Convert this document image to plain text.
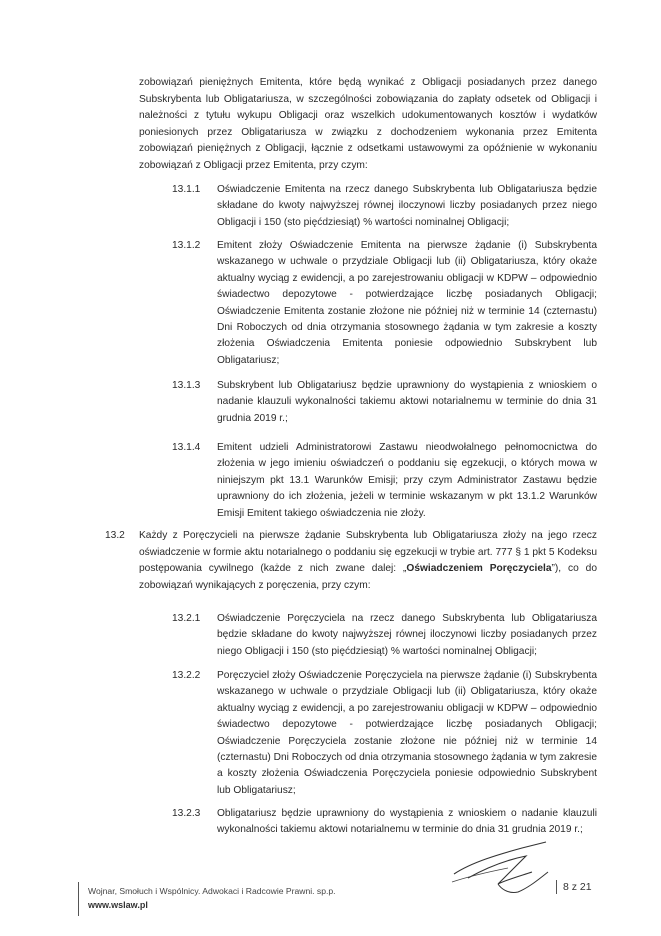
zobowiązań pieniężnych Emitenta, które będą wynikać z Obligacji posiadanych przez danego Subskrybenta lub Obligatariusza, w szczególności zobowiązania do zapłaty odsetek od Obligacji i należności z tytułu wykupu Obligacji oraz wszelkich udokumentowanych kosztów i wydatków poniesionych przez Obligatariusza w związku z dochodzeniem wykonania przez Emitenta zobowiązań pieniężnych z Obligacji, łącznie z odsetkami ustawowymi za opóźnienie w wykonaniu zobowiązań z Obligacji przez Emitenta, przy czym:
13.1.1	Oświadczenie Emitenta na rzecz danego Subskrybenta lub Obligatariusza będzie składane do kwoty najwyższej równej iloczynowi liczby posiadanych przez niego Obligacji i 150 (sto pięćdziesiąt) % wartości nominalnej Obligacji;
13.1.2	Emitent złoży Oświadczenie Emitenta na pierwsze żądanie (i) Subskrybenta wskazanego w uchwale o przydziale Obligacji lub (ii) Obligatariusza, który okaże aktualny wyciąg z ewidencji, a po zarejestrowaniu obligacji w KDPW – odpowiednio świadectwo depozytowe - potwierdzające liczbę posiadanych Obligacji; Oświadczenie Emitenta zostanie złożone nie później niż w terminie 14 (czternastu) Dni Roboczych od dnia otrzymania stosownego żądania w tym zakresie a koszty złożenia Oświadczenia Emitenta poniesie odpowiednio Subskrybent lub Obligatariusz;
13.1.3	Subskrybent lub Obligatariusz będzie uprawniony do wystąpienia z wnioskiem o nadanie klauzuli wykonalności takiemu aktowi notarialnemu w terminie do dnia 31 grudnia 2019 r.;
13.1.4	Emitent udzieli Administratorowi Zastawu nieodwołalnego pełnomocnictwa do złożenia w jego imieniu oświadczeń o poddaniu się egzekucji, o których mowa w niniejszym pkt 13.1 Warunków Emisji; przy czym Administrator Zastawu będzie uprawniony do ich złożenia, jeżeli w terminie wskazanym w pkt 13.1.2 Warunków Emisji Emitent takiego oświadczenia nie złoży.
13.2	Każdy z Poręczycieli na pierwsze żądanie Subskrybenta lub Obligatariusza złoży na jego rzecz oświadczenie w formie aktu notarialnego o poddaniu się egzekucji w trybie art. 777 § 1 pkt 5 Kodeksu postępowania cywilnego (każde z nich zwane dalej: „Oświadczeniem Poręczyciela”), co do zobowiązań wynikających z poręczenia, przy czym:
13.2.1	Oświadczenie Poręczyciela na rzecz danego Subskrybenta lub Obligatariusza będzie składane do kwoty najwyższej równej iloczynowi liczby posiadanych przez niego Obligacji i 150 (sto pięćdziesiąt) % wartości nominalnej Obligacji;
13.2.2	Poręczyciel złoży Oświadczenie Poręczyciela na pierwsze żądanie (i) Subskrybenta wskazanego w uchwale o przydziale Obligacji lub (ii) Obligatariusza, który okaże aktualny wyciąg z ewidencji, a po zarejestrowaniu obligacji w KDPW – odpowiednio świadectwo depozytowe - potwierdzające liczbę posiadanych Obligacji; Oświadczenie Poręczyciela zostanie złożone nie później niż w terminie 14 (czternastu) Dni Roboczych od dnia otrzymania stosownego żądania w tym zakresie a koszty złożenia Oświadczenia Poręczyciela poniesie odpowiednio Subskrybent lub Obligatariusz;
13.2.3	Obligatariusz będzie uprawniony do wystąpienia z wnioskiem o nadanie klauzuli wykonalności takiemu aktowi notarialnemu w terminie do dnia 31 grudnia 2019 r.;
Wojnar, Smołuch i Wspólnicy. Adwokaci i Radcowie Prawni. sp.p.
www.wslaw.pl
8 z 21
